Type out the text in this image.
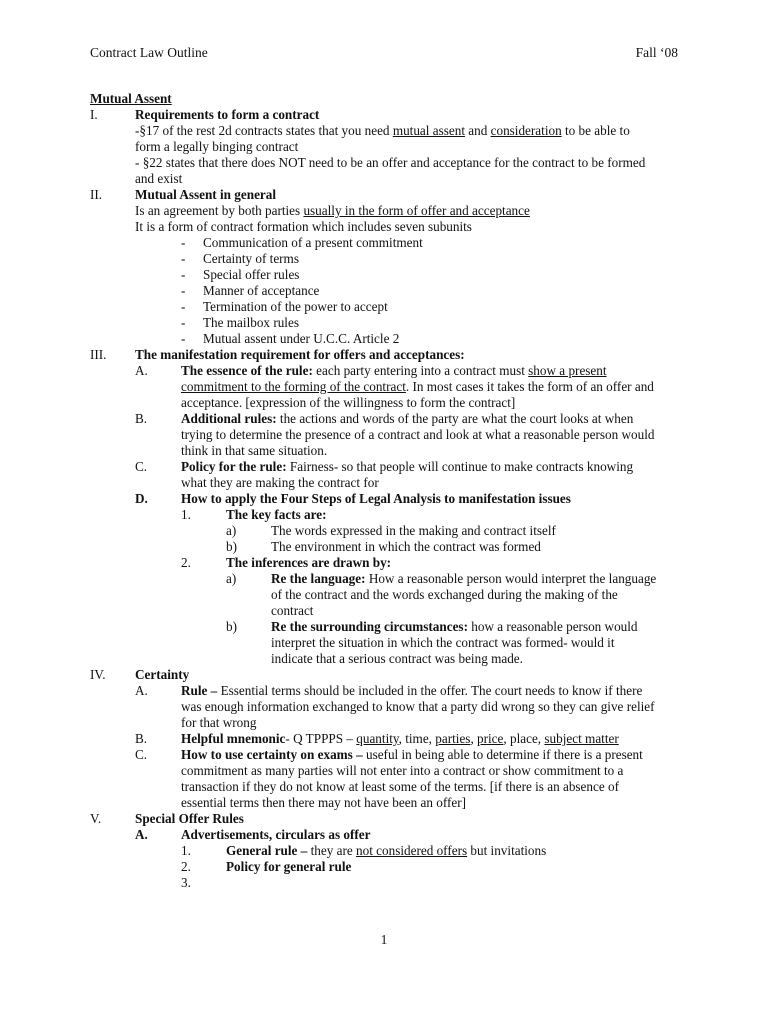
Contract Law Outline	Fall ‘08
Mutual Assent
I.	Requirements to form a contract
-§17 of the rest 2d contracts states that you need mutual assent and consideration to be able to
form a legally binging contract
- §22 states that there does NOT need to be an offer and acceptance for the contract to be formed
and exist
II. Mutual Assent in general
Is an agreement by both parties usually in the form of offer and acceptance
It is a form of contract formation which includes seven subunits
- Communication of a present commitment
- Certainty of terms
- Special offer rules
- Manner of acceptance
- Termination of the power to accept
- The mailbox rules
- Mutual assent under U.C.C. Article 2
III. The manifestation requirement for offers and acceptances:
A.	The essence of the rule: each party entering into a contract must show a present
commitment to the forming of the contract. In most cases it takes the form of an offer and
acceptance. [expression of the willingness to form the contract]
B.	Additional rules: the actions and words of the party are what the court looks at when
trying to determine the presence of a contract and look at what a reasonable person would
think in that same situation.
C.	Policy for the rule: Fairness- so that people will continue to make contracts knowing
what they are making the contract for
D.	How to apply the Four Steps of Legal Analysis to manifestation issues
1.	The key facts are:
a)	The words expressed in the making and contract itself
b)	The environment in which the contract was formed
2.	The inferences are drawn by:
a)	Re the language: How a reasonable person would interpret the language
of the contract and the words exchanged during the making of the
contract
b)	Re the surrounding circumstances: how a reasonable person would
interpret the situation in which the contract was formed- would it
indicate that a serious contract was being made.
IV. Certainty
A.	Rule – Essential terms should be included in the offer. The court needs to know if there
was enough information exchanged to know that a party did wrong so they can give relief
for that wrong
B.	Helpful mnemonic- Q TPPPS – quantity, time, parties, price, place, subject matter
C.	How to use certainty on exams – useful in being able to determine if there is a present
commitment as many parties will not enter into a contract or show commitment to a
transaction if they do not know at least some of the terms. [if there is an absence of
essential terms then there may not have been an offer]
V.	Special Offer Rules
A.	Advertisements, circulars as offer
1.	General rule – they are not considered offers but invitations
2.	Policy for general rule
3.
1
